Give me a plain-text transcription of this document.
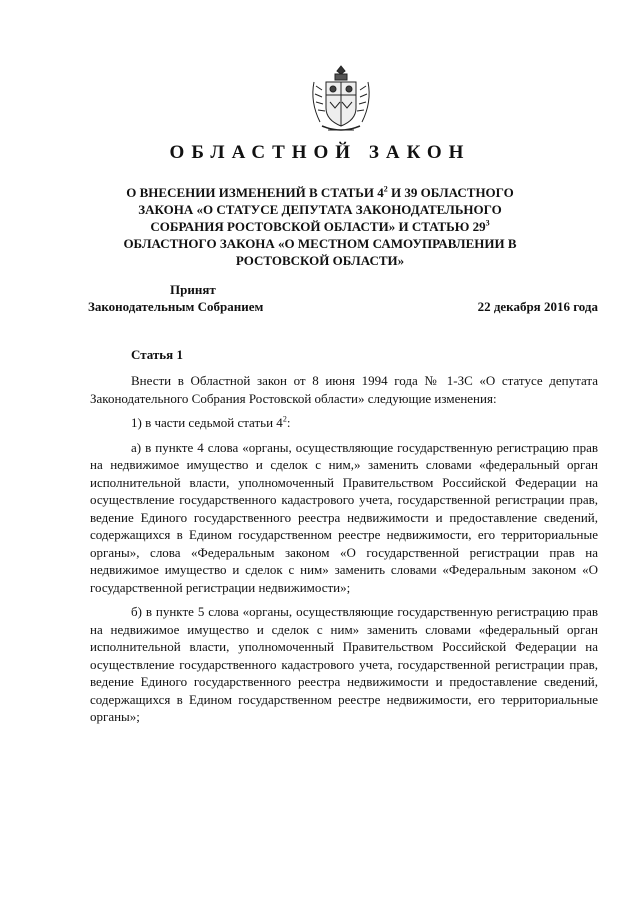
ОБЛАСТНОЙ ЗАКОН
О ВНЕСЕНИИ ИЗМЕНЕНИЙ В СТАТЬИ $4^2$ И 39 ОБЛАСТНОГО ЗАКОНА «О СТАТУСЕ ДЕПУТАТА ЗАКОНОДАТЕЛЬНОГО СОБРАНИЯ РОСТОВСКОЙ ОБЛАСТИ» И СТАТЬЮ $29^3$ ОБЛАСТНОГО ЗАКОНА «О МЕСТНОМ САМОУПРАВЛЕНИИ В РОСТОВСКОЙ ОБЛАСТИ»
Принят
Законодательным Собранием	22 декабря 2016 года
Статья 1

Внести в Областной закон от 8 июня 1994 года № 1-ЗС «О статусе депутата Законодательного Собрания Ростовской области» следующие изменения:

1) в части седьмой статьи $4^2$:

а) в пункте 4 слова «органы, осуществляющие государственную регистрацию прав на недвижимое имущество и сделок с ним,» заменить словами «федеральный орган исполнительной власти, уполномоченный Правительством Российской Федерации на осуществление государственного кадастрового учета, государственной регистрации прав, ведение Единого государственного реестра недвижимости и предоставление сведений, содержащихся в Едином государственном реестре недвижимости, его территориальные органы», слова «Федеральным законом «О государственной регистрации прав на недвижимое имущество и сделок с ним» заменить словами «Федеральным законом «О государственной регистрации недвижимости»;

б) в пункте 5 слова «органы, осуществляющие государственную регистрацию прав на недвижимое имущество и сделок с ним» заменить словами «федеральный орган исполнительной власти, уполномоченный Правительством Российской Федерации на осуществление государственного кадастрового учета, государственной регистрации прав, ведение Единого государственного реестра недвижимости и предоставление сведений, содержащихся в Едином государственном реестре недвижимости, его территориальные органы»;
